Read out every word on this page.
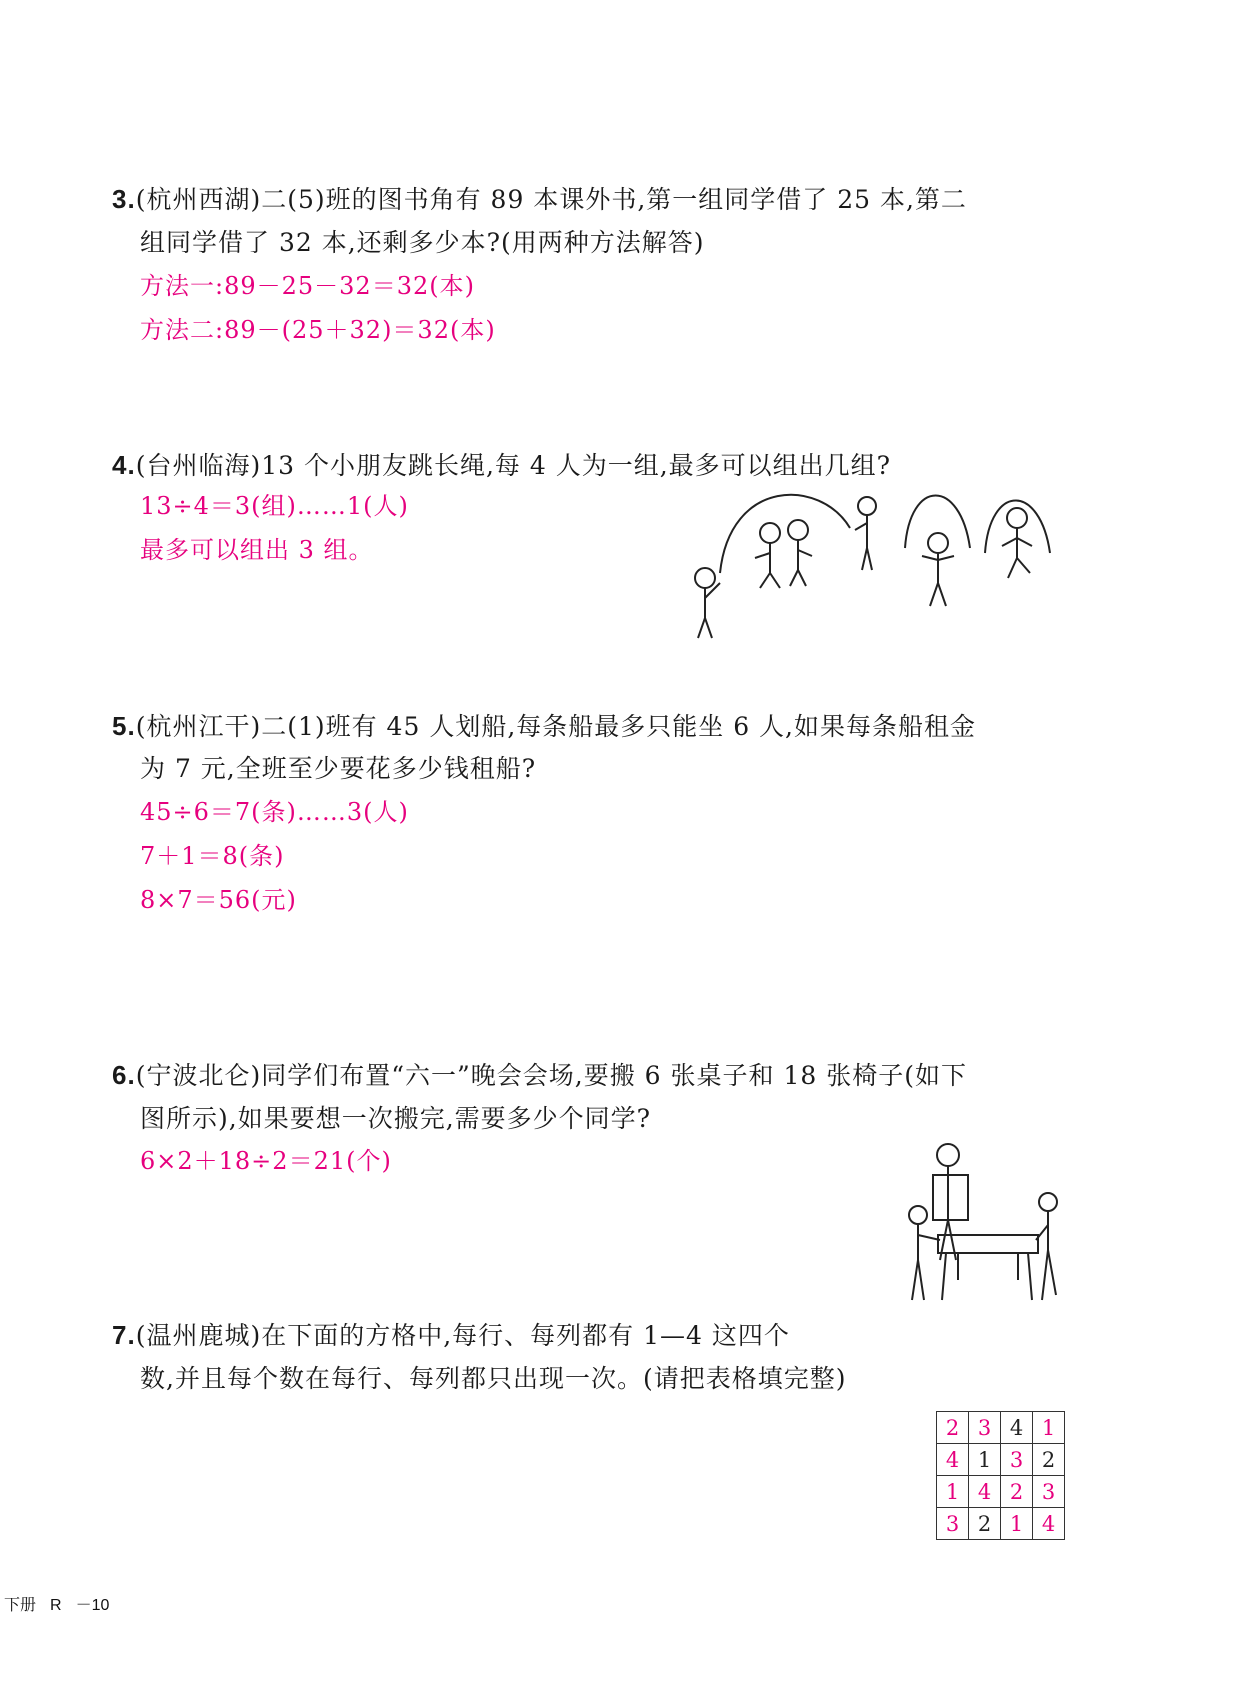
3.(杭州西湖)二(5)班的图书角有 89 本课外书,第一组同学借了 25 本,第二
组同学借了 32 本,还剩多少本?(用两种方法解答)
方法一:89－25－32＝32(本)
方法二:89－(25＋32)＝32(本)
4.(台州临海)13 个小朋友跳长绳,每 4 人为一组,最多可以组出几组?
13÷4＝3(组)……1(人)
最多可以组出 3 组。
5.(杭州江干)二(1)班有 45 人划船,每条船最多只能坐 6 人,如果每条船租金
为 7 元,全班至少要花多少钱租船?
45÷6＝7(条)……3(人)
7＋1＝8(条)
8×7＝56(元)
6.(宁波北仑)同学们布置“六一”晚会会场,要搬 6 张桌子和 18 张椅子(如下
图所示),如果要想一次搬完,需要多少个同学?
6×2＋18÷2＝21(个)
7.(温州鹿城)在下面的方格中,每行、每列都有 1—4 这四个
数,并且每个数在每行、每列都只出现一次。(请把表格填完整)
2	3	4	1
4	1	3	2
1	4	2	3
3	2	1	4
下册 R －10
